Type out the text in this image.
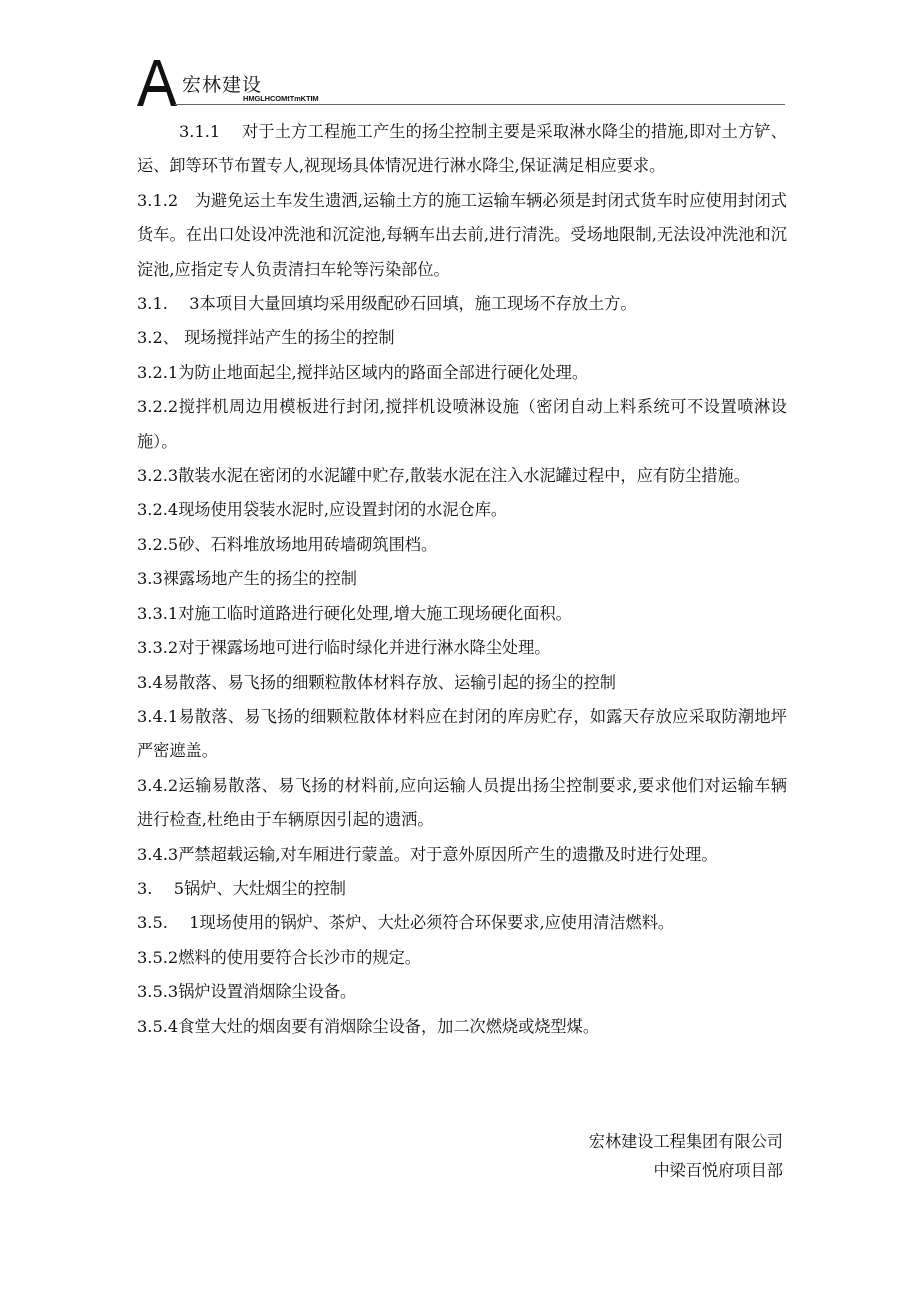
宏林建设
HMGLHCOMtTmKTIM

3.1.1　 对于土方工程施工产生的扬尘控制主要是采取淋水降尘的措施,即对土方铲、运、卸等环节布置专人,视现场具体情况进行淋水降尘,保证满足相应要求。

3.1.2　为避免运土车发生遗洒,运输土方的施工运输车辆必须是封闭式货车时应使用封闭式货车。在出口处设冲洗池和沉淀池,每辆车出去前,进行清洗。受场地限制,无法设冲洗池和沉淀池,应指定专人负责清扫车轮等污染部位。

3.1.　 3本项目大量回填均采用级配砂石回填，施工现场不存放土方。

3.2、 现场搅拌站产生的扬尘的控制

3.2.1为防止地面起尘,搅拌站区域内的路面全部进行硬化处理。

3.2.2搅拌机周边用模板进行封闭,搅拌机设喷淋设施（密闭自动上料系统可不设置喷淋设施）。

3.2.3散装水泥在密闭的水泥罐中贮存,散装水泥在注入水泥罐过程中，应有防尘措施。

3.2.4现场使用袋装水泥时,应设置封闭的水泥仓库。

3.2.5砂、石料堆放场地用砖墙砌筑围档。

3.3裸露场地产生的扬尘的控制

3.3.1对施工临时道路进行硬化处理,增大施工现场硬化面积。

3.3.2对于裸露场地可进行临时绿化并进行淋水降尘处理。

3.4易散落、易飞扬的细颗粒散体材料存放、运输引起的扬尘的控制

3.4.1易散落、易飞扬的细颗粒散体材料应在封闭的库房贮存，如露天存放应采取防潮地坪严密遮盖。

3.4.2运输易散落、易飞扬的材料前,应向运输人员提出扬尘控制要求,要求他们对运输车辆进行检查,杜绝由于车辆原因引起的遗洒。

3.4.3严禁超载运输,对车厢进行蒙盖。对于意外原因所产生的遗撒及时进行处理。

3.　 5锅炉、大灶烟尘的控制

3.5.　 1现场使用的锅炉、茶炉、大灶必须符合环保要求,应使用清洁燃料。

3.5.2燃料的使用要符合长沙市的规定。

3.5.3锅炉设置消烟除尘设备。

3.5.4食堂大灶的烟囱要有消烟除尘设备，加二次燃烧或烧型煤。

宏林建设工程集团有限公司
中梁百悦府项目部
